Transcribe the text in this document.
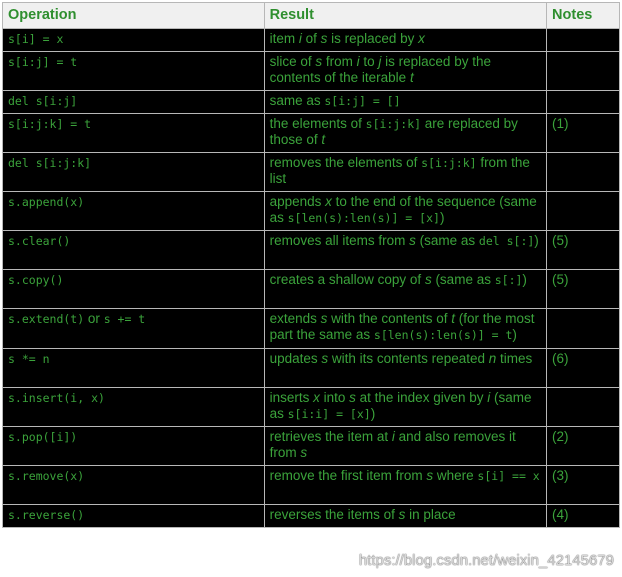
Operation	Result	Notes
s[i] = x	item i of s is replaced by x	
s[i:j] = t	slice of s from i to j is replaced by the contents of the iterable t	
del s[i:j]	same as s[i:j] = []	
s[i:j:k] = t	the elements of s[i:j:k] are replaced by those of t	(1)
del s[i:j:k]	removes the elements of s[i:j:k] from the list	
s.append(x)	appends x to the end of the sequence (same as s[len(s):len(s)] = [x])	
s.clear()	removes all items from s (same as del s[:])	(5)
s.copy()	creates a shallow copy of s (same as s[:])	(5)
s.extend(t) or s += t	extends s with the contents of t (for the most part the same as s[len(s):len(s)] = t)	
s *= n	updates s with its contents repeated n times	(6)
s.insert(i, x)	inserts x into s at the index given by i (same as s[i:i] = [x])	
s.pop([i])	retrieves the item at i and also removes it from s	(2)
s.remove(x)	remove the first item from s where s[i] == x	(3)
s.reverse()	reverses the items of s in place	(4)
https://blog.csdn.net/weixin_42145679
